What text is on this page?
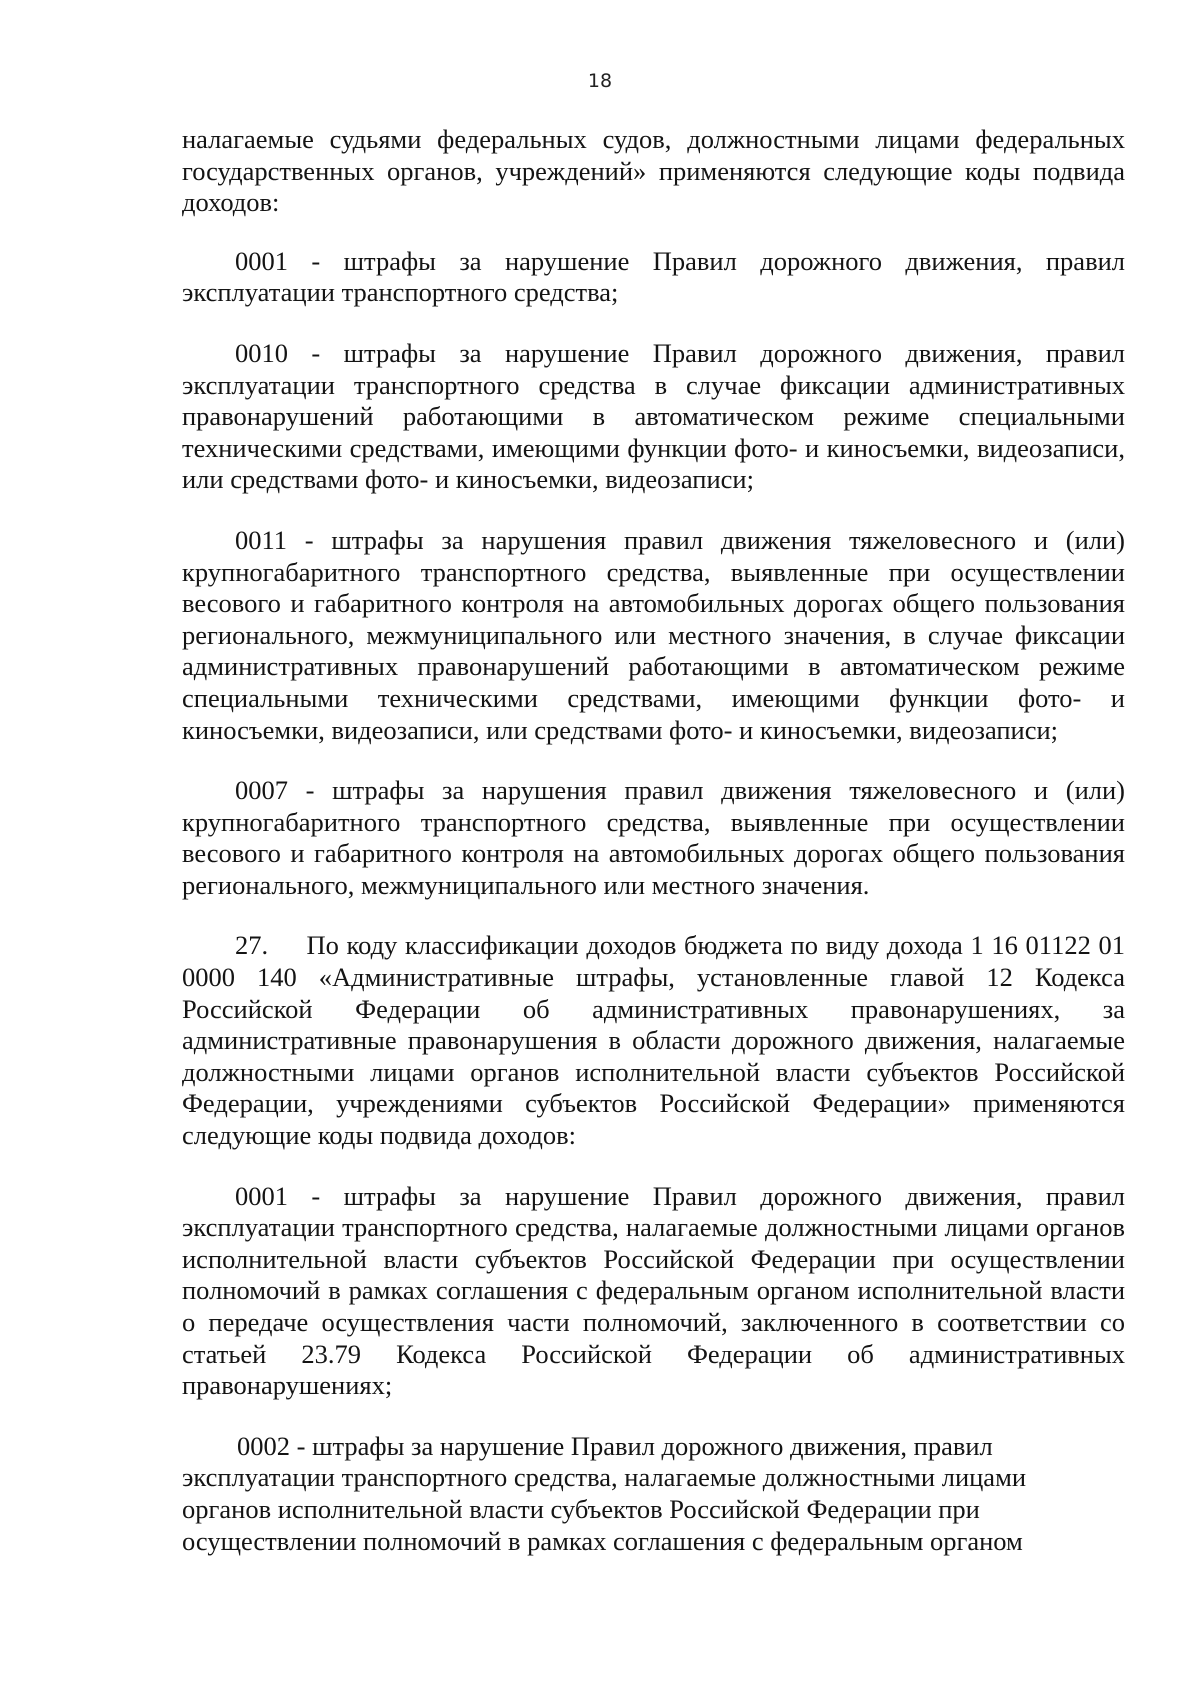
18

налагаемые судьями федеральных судов, должностными лицами федеральных государственных органов, учреждений» применяются следующие коды подвида доходов:

0001 - штрафы за нарушение Правил дорожного движения, правил эксплуатации транспортного средства;

0010 - штрафы за нарушение Правил дорожного движения, правил эксплуатации транспортного средства в случае фиксации административных правонарушений работающими в автоматическом режиме специальными техническими средствами, имеющими функции фото- и киносъемки, видеозаписи, или средствами фото- и киносъемки, видеозаписи;

0011 - штрафы за нарушения правил движения тяжеловесного и (или) крупногабаритного транспортного средства, выявленные при осуществлении весового и габаритного контроля на автомобильных дорогах общего пользования регионального, межмуниципального или местного значения, в случае фиксации административных правонарушений работающими в автоматическом режиме специальными техническими средствами, имеющими функции фото- и киносъемки, видеозаписи, или средствами фото- и киносъемки, видеозаписи;

0007 - штрафы за нарушения правил движения тяжеловесного и (или) крупногабаритного транспортного средства, выявленные при осуществлении весового и габаритного контроля на автомобильных дорогах общего пользования регионального, межмуниципального или местного значения.

27.     По коду классификации доходов бюджета по виду дохода 1 16 01122 01 0000 140 «Административные штрафы, установленные главой 12 Кодекса Российской Федерации об административных правонарушениях, за административные правонарушения в области дорожного движения, налагаемые должностными лицами органов исполнительной власти субъектов Российской Федерации, учреждениями субъектов Российской Федерации» применяются следующие коды подвида доходов:

0001 - штрафы за нарушение Правил дорожного движения, правил эксплуатации транспортного средства, налагаемые должностными лицами органов исполнительной власти субъектов Российской Федерации при осуществлении полномочий в рамках соглашения с федеральным органом исполнительной власти о передаче осуществления части полномочий, заключенного в соответствии со статьей 23.79 Кодекса Российской Федерации об административных правонарушениях;

0002 - штрафы за нарушение Правил дорожного движения, правил эксплуатации транспортного средства, налагаемые должностными лицами органов исполнительной власти субъектов Российской Федерации при осуществлении полномочий в рамках соглашения с федеральным органом
